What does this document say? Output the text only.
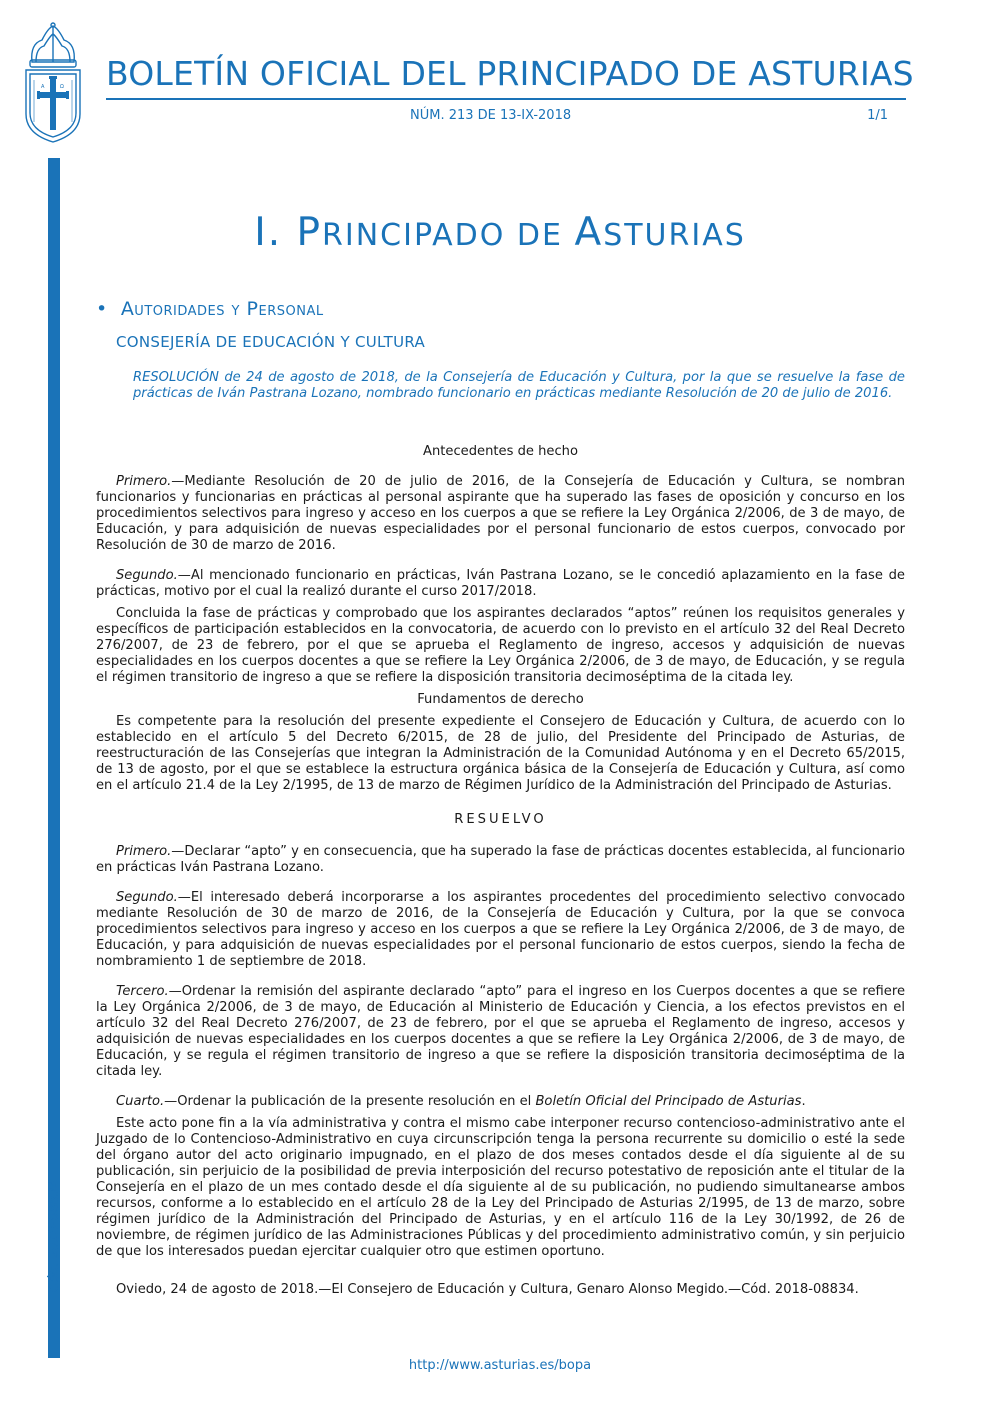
A	Ω BOLETÍN OFICIAL DEL PRINCIPADO DE ASTURIAS
NÚM. 213 DE 13-IX-2018	1/1
Cód. 2018-08834
I. PRINCIPADO DE ASTURIAS
• Autoridades y Personal
CONSEJERÍA DE EDUCACIÓN Y CULTURA
RESOLUCIÓN de 24 de agosto de 2018, de la Consejería de Educación y Cultura, por la que se resuelve la fase de prácticas de Iván Pastrana Lozano, nombrado funcionario en prácticas mediante Resolución de 20 de julio de 2016.

Antecedentes de hecho

Primero.—Mediante Resolución de 20 de julio de 2016, de la Consejería de Educación y Cultura, se nombran funcionarios y funcionarias en prácticas al personal aspirante que ha superado las fases de oposición y concurso en los procedimientos selectivos para ingreso y acceso en los cuerpos a que se refiere la Ley Orgánica 2/2006, de 3 de mayo, de Educación, y para adquisición de nuevas especialidades por el personal funcionario de estos cuerpos, convocado por Resolución de 30 de marzo de 2016.

Segundo.—Al mencionado funcionario en prácticas, Iván Pastrana Lozano, se le concedió aplazamiento en la fase de prácticas, motivo por el cual la realizó durante el curso 2017/2018.

Concluida la fase de prácticas y comprobado que los aspirantes declarados “aptos” reúnen los requisitos generales y específicos de participación establecidos en la convocatoria, de acuerdo con lo previsto en el artículo 32 del Real Decreto 276/2007, de 23 de febrero, por el que se aprueba el Reglamento de ingreso, accesos y adquisición de nuevas especialidades en los cuerpos docentes a que se refiere la Ley Orgánica 2/2006, de 3 de mayo, de Educación, y se regula el régimen transitorio de ingreso a que se refiere la disposición transitoria decimoséptima de la citada ley.

Fundamentos de derecho

Es competente para la resolución del presente expediente el Consejero de Educación y Cultura, de acuerdo con lo establecido en el artículo 5 del Decreto 6/2015, de 28 de julio, del Presidente del Principado de Asturias, de reestructuración de las Consejerías que integran la Administración de la Comunidad Autónoma y en el Decreto 65/2015, de 13 de agosto, por el que se establece la estructura orgánica básica de la Consejería de Educación y Cultura, así como en el artículo 21.4 de la Ley 2/1995, de 13 de marzo de Régimen Jurídico de la Administración del Principado de Asturias.

RESUELVO

Primero.—Declarar “apto” y en consecuencia, que ha superado la fase de prácticas docentes establecida, al funcionario en prácticas Iván Pastrana Lozano.

Segundo.—El interesado deberá incorporarse a los aspirantes procedentes del procedimiento selectivo convocado mediante Resolución de 30 de marzo de 2016, de la Consejería de Educación y Cultura, por la que se convoca procedimientos selectivos para ingreso y acceso en los cuerpos a que se refiere la Ley Orgánica 2/2006, de 3 de mayo, de Educación, y para adquisición de nuevas especialidades por el personal funcionario de estos cuerpos, siendo la fecha de nombramiento 1 de septiembre de 2018.

Tercero.—Ordenar la remisión del aspirante declarado “apto” para el ingreso en los Cuerpos docentes a que se refiere la Ley Orgánica 2/2006, de 3 de mayo, de Educación al Ministerio de Educación y Ciencia, a los efectos previstos en el artículo 32 del Real Decreto 276/2007, de 23 de febrero, por el que se aprueba el Reglamento de ingreso, accesos y adquisición de nuevas especialidades en los cuerpos docentes a que se refiere la Ley Orgánica 2/2006, de 3 de mayo, de Educación, y se regula el régimen transitorio de ingreso a que se refiere la disposición transitoria decimoséptima de la citada ley.

Cuarto.—Ordenar la publicación de la presente resolución en el Boletín Oficial del Principado de Asturias.

Este acto pone fin a la vía administrativa y contra el mismo cabe interponer recurso contencioso-administrativo ante el Juzgado de lo Contencioso-Administrativo en cuya circunscripción tenga la persona recurrente su domicilio o esté la sede del órgano autor del acto originario impugnado, en el plazo de dos meses contados desde el día siguiente al de su publicación, sin perjuicio de la posibilidad de previa interposición del recurso potestativo de reposición ante el titular de la Consejería en el plazo de un mes contado desde el día siguiente al de su publicación, no pudiendo simultanearse ambos recursos, conforme a lo establecido en el artículo 28 de la Ley del Principado de Asturias 2/1995, de 13 de marzo, sobre régimen jurídico de la Administración del Principado de Asturias, y en el artículo 116 de la Ley 30/1992, de 26 de noviembre, de régimen jurídico de las Administraciones Públicas y del procedimiento administrativo común, y sin perjuicio de que los interesados puedan ejercitar cualquier otro que estimen oportuno.

Oviedo, 24 de agosto de 2018.—El Consejero de Educación y Cultura, Genaro Alonso Megido.—Cód. 2018-08834.

http://www.asturias.es/bopa
